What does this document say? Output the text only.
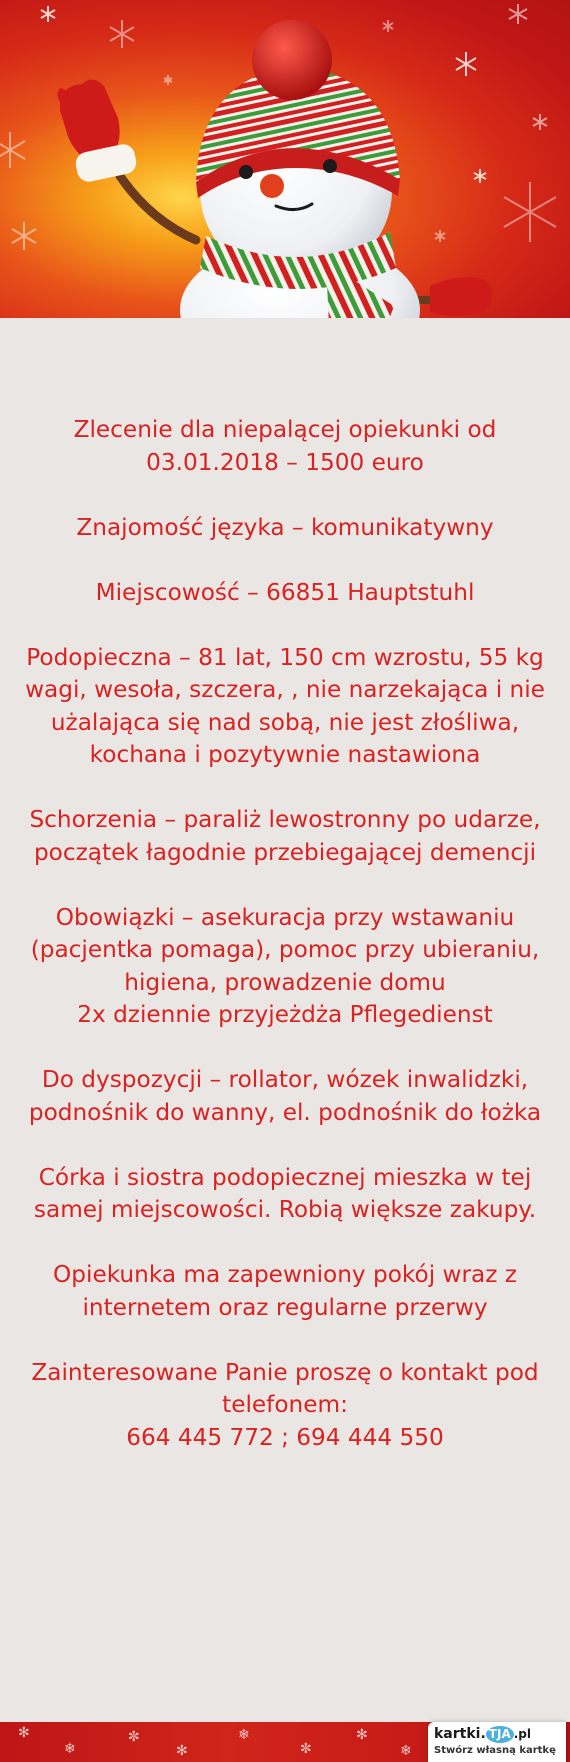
Zlecenie dla niepalącej opiekunki od 03.01.2018 – 1500 euro

Znajomość języka – komunikatywny

Miejscowość – 66851 Hauptstuhl

Podopieczna – 81 lat, 150 cm wzrostu, 55 kg wagi, wesoła, szczera, , nie narzekająca i nie użalająca się nad sobą, nie jest złośliwa, kochana i pozytywnie nastawiona

Schorzenia – paraliż lewostronny po udarze, początek łagodnie przebiegającej demencji

Obowiązki – asekuracja przy wstawaniu (pacjentka pomaga), pomoc przy ubieraniu, higiena, prowadzenie domu
2x dziennie przyjeżdża Pflegedienst

Do dyspozycji – rollator, wózek inwalidzki, podnośnik do wanny, el. podnośnik do łożka

Córka i siostra podopiecznej mieszka w tej samej miejscowości. Robią większe zakupy.

Opiekunka ma zapewniony pokój wraz z internetem oraz regularne przerwy

Zainteresowane Panie proszę o kontakt pod telefonem:
664 445 772 ; 694 444 550

✻
❄
✼
✻
❄
✼
✻
❄
kartki. TJA .pl
Stwórz własną kartkę
